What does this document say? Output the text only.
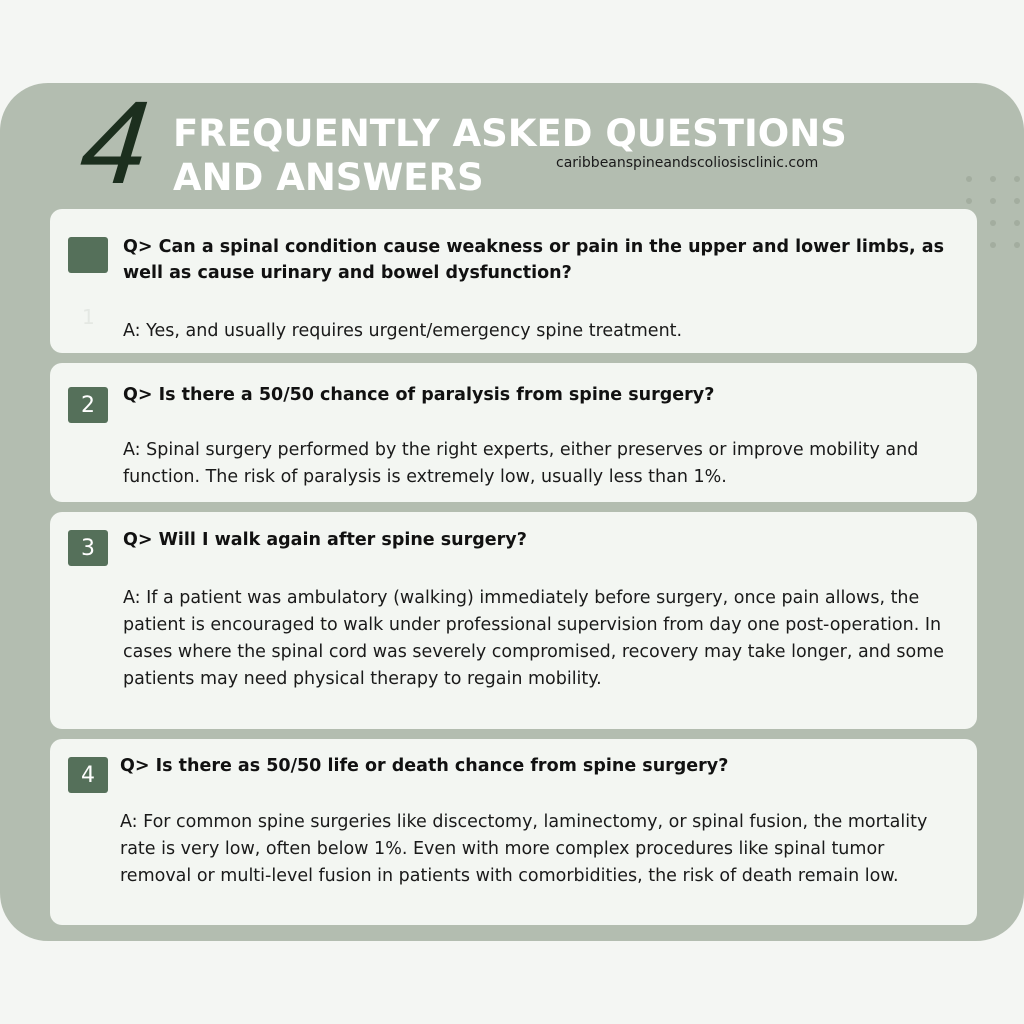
4 FREQUENTLY ASKED QUESTIONS
AND ANSWERS	caribbeanspineandscoliosisclinic.com
1
Q> Can a spinal condition cause weakness or pain in the upper and lower limbs, as well as cause urinary and bowel dysfunction?
A: Yes, and usually requires urgent/emergency spine treatment.
2	Q> Is there a 50/50 chance of paralysis from spine surgery?
A: Spinal surgery performed by the right experts, either preserves or improve mobility and function. The risk of paralysis is extremely low, usually less than 1%.
3	Q> Will I walk again after spine surgery?
A: If a patient was ambulatory (walking) immediately before surgery, once pain allows, the patient is encouraged to walk under professional supervision from day one post-operation. In cases where the spinal cord was severely compromised, recovery may take longer, and some patients may need physical therapy to regain mobility.
4	Q> Is there as 50/50 life or death chance from spine surgery?
A: For common spine surgeries like discectomy, laminectomy, or spinal fusion, the mortality rate is very low, often below 1%. Even with more complex procedures like spinal tumor removal or multi-level fusion in patients with comorbidities, the risk of death remain low.
